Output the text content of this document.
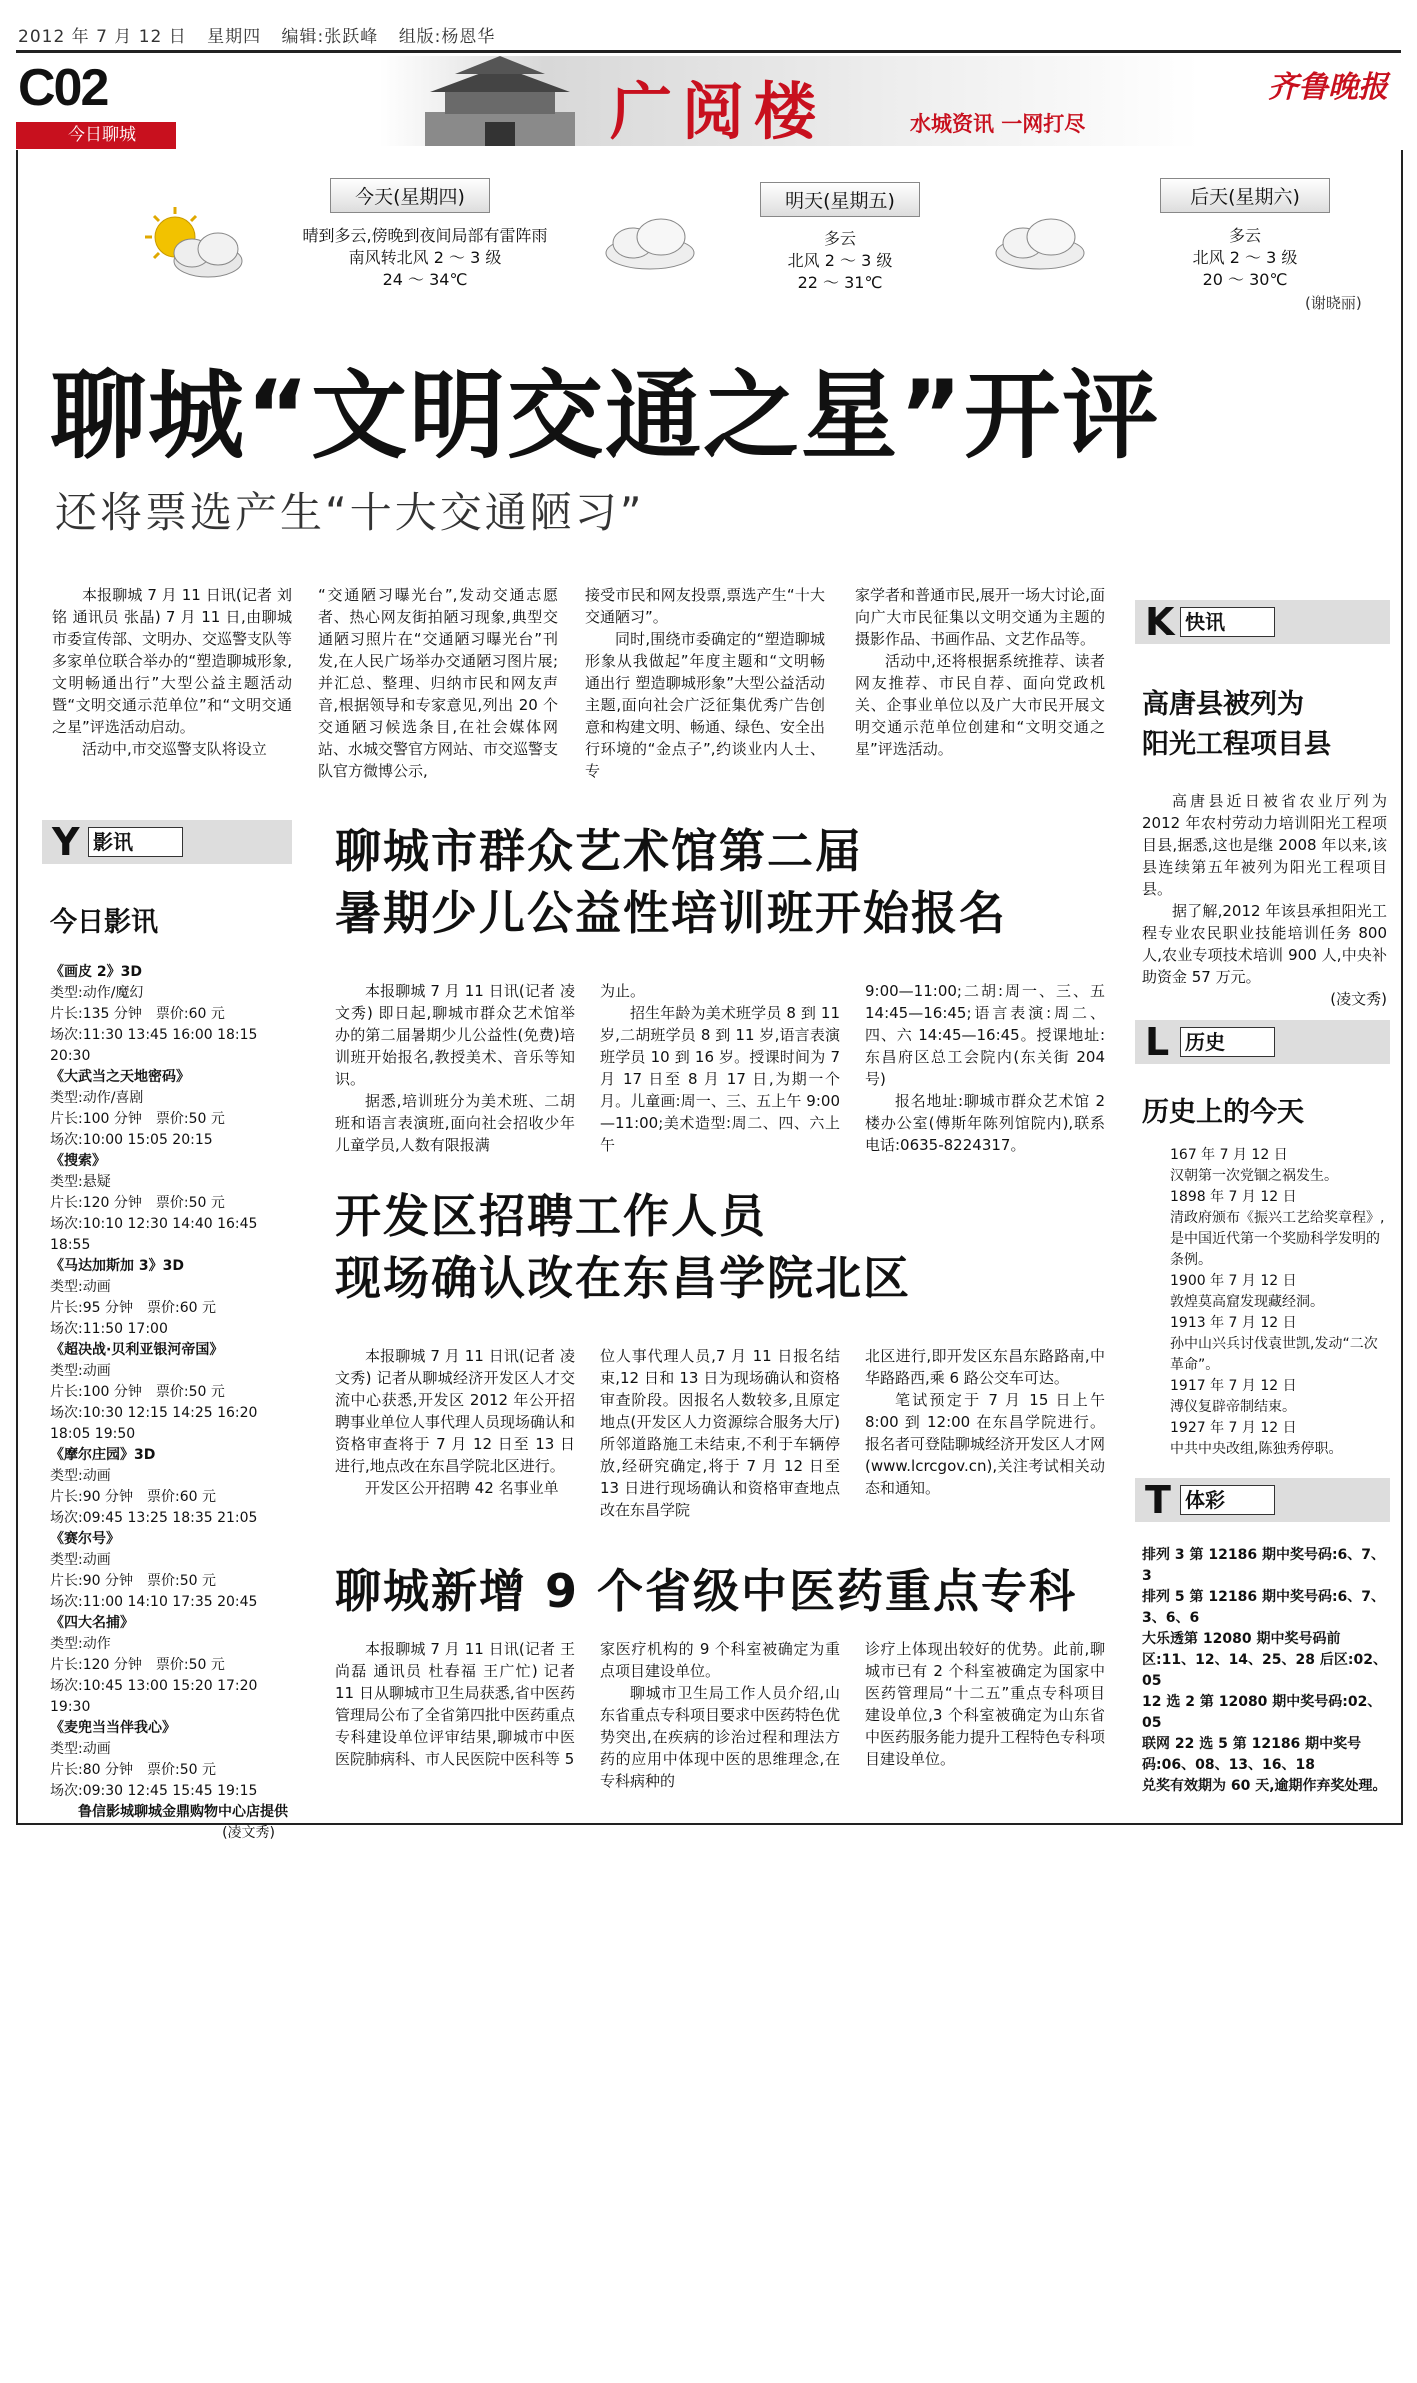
2012 年 7 月 12 日 星期四 编辑:张跃峰 组版:杨恩华
C02
今日聊城	广阅楼	水城资讯 一网打尽
齐鲁晚报
今天(星期四)
晴到多云,傍晚到夜间局部有雷阵雨
南风转北风 2 ～ 3 级
24 ～ 34℃
明天(星期五)
多云
北风 2 ～ 3 级
22 ～ 31℃
后天(星期六)
多云
北风 2 ～ 3 级
20 ～ 30℃
(谢晓丽)
聊城“文明交通之星”开评
还将票选产生“十大交通陋习”

本报聊城 7 月 11 日讯(记者 刘铭 通讯员 张晶) 7 月 11 日,由聊城市委宣传部、文明办、交巡警支队等多家单位联合举办的“塑造聊城形象,文明畅通出行”大型公益主题活动暨“文明交通示范单位”和“文明交通之星”评选活动启动。

活动中,市交巡警支队将设立

“交通陋习曝光台”,发动交通志愿者、热心网友街拍陋习现象,典型交通陋习照片在“交通陋习曝光台”刊发,在人民广场举办交通陋习图片展;并汇总、整理、归纳市民和网友声音,根据领导和专家意见,列出 20 个交通陋习候选条目,在社会媒体网站、水城交警官方网站、市交巡警支队官方微博公示,

接受市民和网友投票,票选产生“十大交通陋习”。

同时,围绕市委确定的“塑造聊城形象从我做起”年度主题和“文明畅通出行 塑造聊城形象”大型公益活动主题,面向社会广泛征集优秀广告创意和构建文明、畅通、绿色、安全出行环境的“金点子”,约谈业内人士、专

家学者和普通市民,展开一场大讨论,面向广大市民征集以文明交通为主题的摄影作品、书画作品、文艺作品等。

活动中,还将根据系统推荐、读者网友推荐、市民自荐、面向党政机关、企事业单位以及广大市民开展文明交通示范单位创建和“文明交通之星”评选活动。

K 快讯
高唐县被列为
阳光工程项目县

高唐县近日被省农业厅列为 2012 年农村劳动力培训阳光工程项目县,据悉,这也是继 2008 年以来,该县连续第五年被列为阳光工程项目县。

据了解,2012 年该县承担阳光工程专业农民职业技能培训任务 800 人,农业专项技术培训 900 人,中央补助资金 57 万元。

(凌文秀)
L 历史
历史上的今天
167 年 7 月 12 日
汉朝第一次党锢之祸发生。
1898 年 7 月 12 日
清政府颁布《振兴工艺给奖章程》,是中国近代第一个奖励科学发明的条例。
1900 年 7 月 12 日
敦煌莫高窟发现藏经洞。
1913 年 7 月 12 日
孙中山兴兵讨伐袁世凯,发动“二次革命”。
1917 年 7 月 12 日
溥仪复辟帝制结束。
1927 年 7 月 12 日
中共中央改组,陈独秀停职。
T 体彩
排列 3 第 12186 期中奖号码:6、7、3
排列 5 第 12186 期中奖号码:6、7、3、6、6
大乐透第 12080 期中奖号码前区:11、12、14、25、28 后区:02、05
12 选 2 第 12080 期中奖号码:02、05
联网 22 选 5 第 12186 期中奖号码:06、08、13、16、18
兑奖有效期为 60 天,逾期作弃奖处理。
Y 影讯
今日影讯
《画皮 2》3D
类型:动作/魔幻
片长:135 分钟　票价:60 元
场次:11:30 13:45 16:00 18:15 20:30
《大武当之天地密码》
类型:动作/喜剧
片长:100 分钟　票价:50 元
场次:10:00 15:05 20:15
《搜索》
类型:悬疑
片长:120 分钟　票价:50 元
场次:10:10 12:30 14:40 16:45 18:55
《马达加斯加 3》3D
类型:动画
片长:95 分钟　票价:60 元
场次:11:50 17:00
《超决战·贝利亚银河帝国》
类型:动画
片长:100 分钟　票价:50 元
场次:10:30 12:15 14:25 16:20 18:05 19:50
《摩尔庄园》3D
类型:动画
片长:90 分钟　票价:60 元
场次:09:45 13:25 18:35 21:05
《赛尔号》
类型:动画
片长:90 分钟　票价:50 元
场次:11:00 14:10 17:35 20:45
《四大名捕》
类型:动作
片长:120 分钟　票价:50 元
场次:10:45 13:00 15:20 17:20 19:30
《麦兜当当伴我心》
类型:动画
片长:80 分钟　票价:50 元
场次:09:30 12:45 15:45 19:15
鲁信影城聊城金鼎购物中心店提供
(凌文秀)
聊城市群众艺术馆第二届
暑期少儿公益性培训班开始报名

本报聊城 7 月 11 日讯(记者 凌文秀) 即日起,聊城市群众艺术馆举办的第二届暑期少儿公益性(免费)培训班开始报名,教授美术、音乐等知识。

据悉,培训班分为美术班、二胡班和语言表演班,面向社会招收少年儿童学员,人数有限报满

为止。

招生年龄为美术班学员 8 到 11 岁,二胡班学员 8 到 11 岁,语言表演班学员 10 到 16 岁。授课时间为 7 月 17 日至 8 月 17 日,为期一个月。儿童画:周一、三、五上午 9:00—11:00;美术造型:周二、四、六上午

9:00—11:00;二胡:周一、三、五 14:45—16:45;语言表演:周二、四、六 14:45—16:45。授课地址:东昌府区总工会院内(东关街 204 号)

报名地址:聊城市群众艺术馆 2 楼办公室(傅斯年陈列馆院内),联系电话:0635-8224317。

开发区招聘工作人员
现场确认改在东昌学院北区

本报聊城 7 月 11 日讯(记者 凌文秀) 记者从聊城经济开发区人才交流中心获悉,开发区 2012 年公开招聘事业单位人事代理人员现场确认和资格审查将于 7 月 12 日至 13 日进行,地点改在东昌学院北区进行。

开发区公开招聘 42 名事业单

位人事代理人员,7 月 11 日报名结束,12 日和 13 日为现场确认和资格审查阶段。因报名人数较多,且原定地点(开发区人力资源综合服务大厅)所邻道路施工未结束,不利于车辆停放,经研究确定,将于 7 月 12 日至 13 日进行现场确认和资格审查地点改在东昌学院

北区进行,即开发区东昌东路路南,中华路路西,乘 6 路公交车可达。

笔试预定于 7 月 15 日上午 8:00 到 12:00 在东昌学院进行。报名者可登陆聊城经济开发区人才网(www.lcrcgov.cn),关注考试相关动态和通知。

聊城新增 9 个省级中医药重点专科

本报聊城 7 月 11 日讯(记者 王尚磊 通讯员 杜春福 王广忙) 记者 11 日从聊城市卫生局获悉,省中医药管理局公布了全省第四批中医药重点专科建设单位评审结果,聊城市中医医院肺病科、市人民医院中医科等 5

家医疗机构的 9 个科室被确定为重点项目建设单位。

聊城市卫生局工作人员介绍,山东省重点专科项目要求中医药特色优势突出,在疾病的诊治过程和理法方药的应用中体现中医的思维理念,在专科病种的

诊疗上体现出较好的优势。此前,聊城市已有 2 个科室被确定为国家中医药管理局“十二五”重点专科项目建设单位,3 个科室被确定为山东省中医药服务能力提升工程特色专科项目建设单位。
